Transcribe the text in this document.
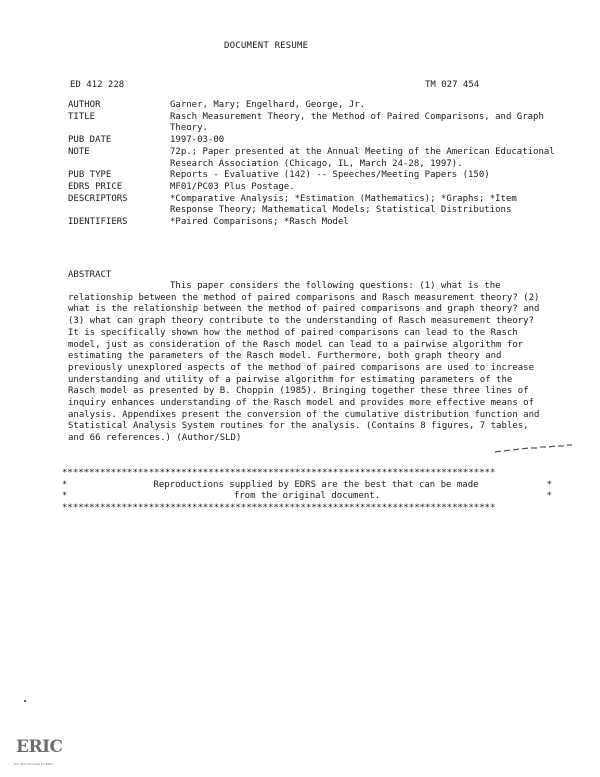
DOCUMENT RESUME
ED 412 228	TM 027 454
AUTHOR	Garner, Mary; Engelhard, George, Jr.
TITLE	Rasch Measurement Theory, the Method of Paired Comparisons, and Graph Theory.
PUB DATE	1997-03-00
NOTE	72p.; Paper presented at the Annual Meeting of the American Educational Research Association (Chicago, IL, March 24-28, 1997).
PUB TYPE	Reports - Evaluative (142) -- Speeches/Meeting Papers (150)
EDRS PRICE	MF01/PC03 Plus Postage.
DESCRIPTORS	*Comparative Analysis; *Estimation (Mathematics); *Graphs; *Item Response Theory; Mathematical Models; Statistical Distributions
IDENTIFIERS	*Paired Comparisons; *Rasch Model
ABSTRACT
This paper considers the following questions: (1) what is the relationship between the method of paired comparisons and Rasch measurement theory? (2) what is the relationship between the method of paired comparisons and graph theory? and (3) what can graph theory contribute to the understanding of Rasch measurement theory? It is specifically shown how the method of paired comparisons can lead to the Rasch model, just as consideration of the Rasch model can lead to a pairwise algorithm for estimating the parameters of the Rasch model. Furthermore, both graph theory and previously unexplored aspects of the method of paired comparisons are used to increase understanding and utility of a pairwise algorithm for estimating parameters of the Rasch model as presented by B. Choppin (1985). Bringing together these three lines of inquiry enhances understanding of the Rasch model and provides more effective means of analysis. Appendixes present the conversion of the cumulative distribution function and Statistical Analysis System routines for the analysis. (Contains 8 figures, 7 tables, and 66 references.) (Author/SLD)
********************************************************************************
*	Reproductions supplied by EDRS are the best that can be made	*
*	from the original document.	*
********************************************************************************
ERIC
Full Text Provided by ERIC
